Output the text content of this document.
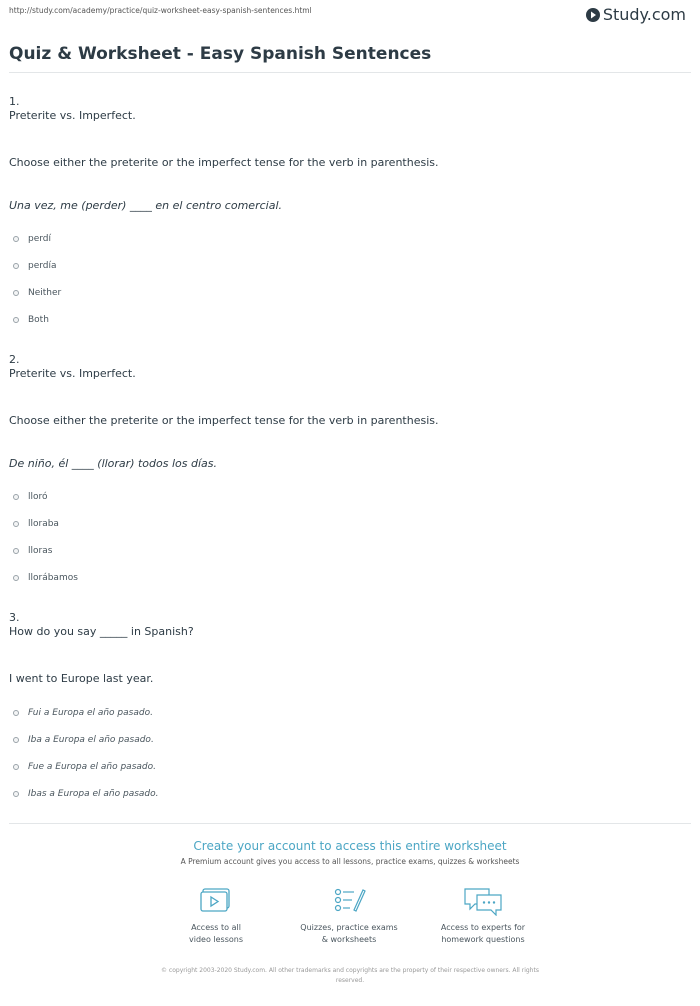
http://study.com/academy/practice/quiz-worksheet-easy-spanish-sentences.html	Study.com
Quiz & Worksheet - Easy Spanish Sentences
1.
Preterite vs. Imperfect.
Choose either the preterite or the imperfect tense for the verb in parenthesis.
Una vez, me (perder) ____ en el centro comercial.
perdí
perdía
Neither
Both
2.
Preterite vs. Imperfect.
Choose either the preterite or the imperfect tense for the verb in parenthesis.
De niño, él ____ (llorar) todos los días.
lloró
lloraba
lloras
llorábamos
3.
How do you say _____ in Spanish?
I went to Europe last year.
Fui a Europa el año pasado.
Iba a Europa el año pasado.
Fue a Europa el año pasado.
Ibas a Europa el año pasado.
Create your account to access this entire worksheet
A Premium account gives you access to all lessons, practice exams, quizzes & worksheets
Access to all
video lessons
Quizzes, practice exams
& worksheets
Access to experts for
homework questions
© copyright 2003-2020 Study.com. All other trademarks and copyrights are the property of their respective owners. All rights
reserved.
